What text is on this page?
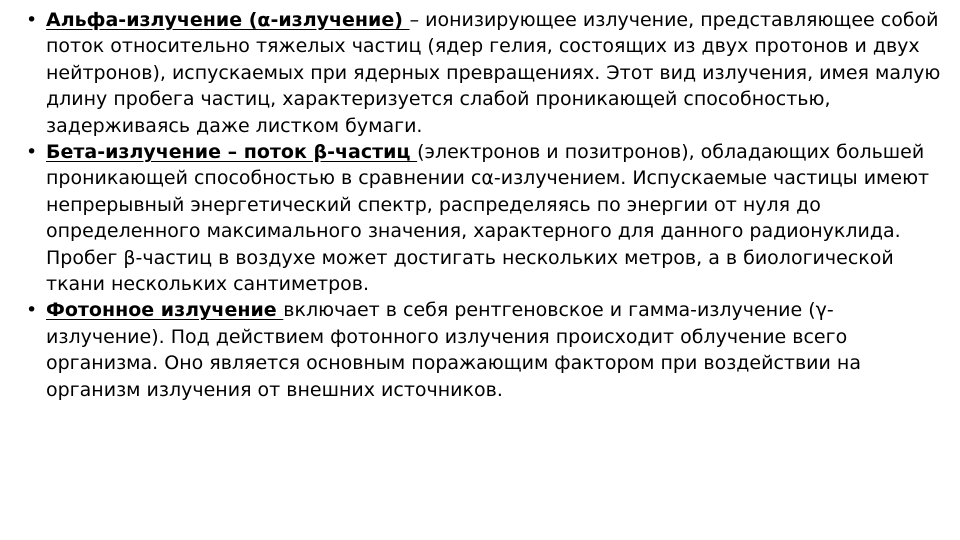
• Альфа-излучение (α-излучение) – ионизирующее излучение, представляющее собой поток относительно тяжелых частиц (ядер гелия, состоящих из двух протонов и двух нейтронов), испускаемых при ядерных превращениях. Этот вид излучения, имея малую длину пробега частиц, характеризуется слабой проникающей способностью, задерживаясь даже листком бумаги.
• Бета-излучение – поток β-частиц (электронов и позитронов), обладающих большей проникающей способностью в сравнении сα-излучением. Испускаемые частицы имеют непрерывный энергетический спектр, распределяясь по энергии от нуля до определенного максимального значения, характерного для данного радионуклида. Пробег β-частиц в воздухе может достигать нескольких метров, а в биологической ткани нескольких сантиметров.
• Фотонное излучение включает в себя рентгеновское и гамма-излучение (γ-излучение). Под действием фотонного излучения происходит облучение всего организма. Оно является основным поражающим фактором при воздействии на организм излучения от внешних источников.
